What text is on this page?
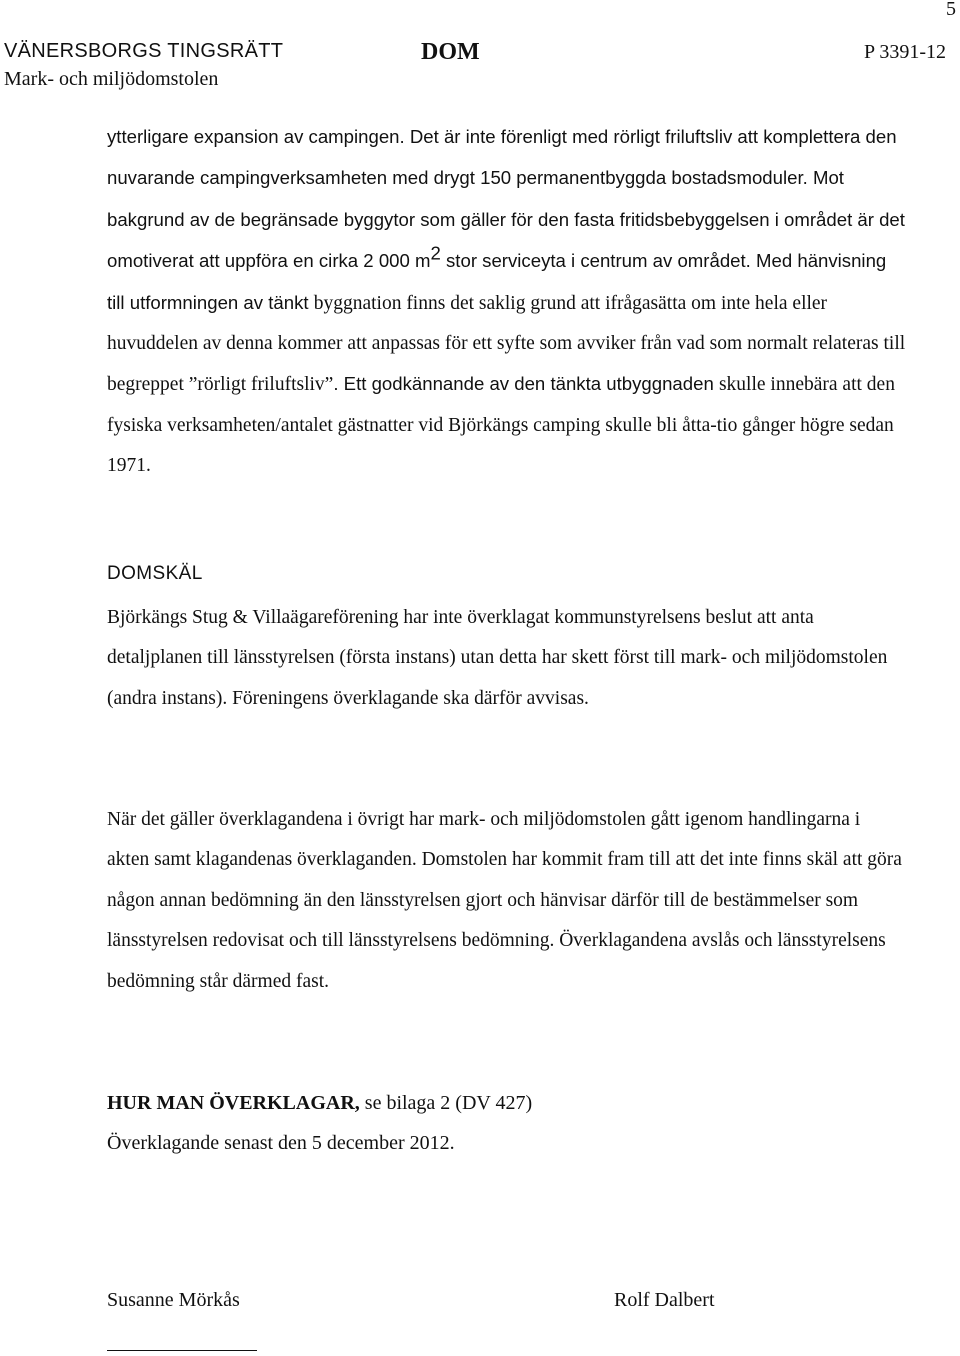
5
VÄNERSBORGS TINGSRÄTT
Mark- och miljödomstolen
DOM	P 3391-12
ytterligare expansion av campingen. Det är inte förenligt med rörligt friluftsliv att komplettera den nuvarande campingverksamheten med drygt 150 permanentbyggda bostadsmoduler. Mot bakgrund av de begränsade byggytor som gäller för den fasta fritidsbebyggelsen i området är det omotiverat att uppföra en cirka 2 000 $m^2$ stor serviceyta i centrum av området. Med hänvisning till utformningen av tänkt byggnation finns det saklig grund att ifrågasätta om inte hela eller huvuddelen av denna kommer att anpassas för ett syfte som avviker från vad som normalt relateras till begreppet ”rörligt friluftsliv”. Ett godkännande av den tänkta utbyggnaden skulle innebära att den fysiska verksamheten/antalet gästnatter vid Björkängs camping skulle bli åtta-tio gånger högre sedan 1971.
DOMSKÄL
Björkängs Stug & Villaägareförening har inte överklagat kommunstyrelsens beslut att anta detaljplanen till länsstyrelsen (första instans) utan detta har skett först till mark- och miljödomstolen (andra instans). Föreningens överklagande ska därför avvisas.
När det gäller överklagandena i övrigt har mark- och miljödomstolen gått igenom handlingarna i akten samt klagandenas överklaganden. Domstolen har kommit fram till att det inte finns skäl att göra någon annan bedömning än den länsstyrelsen gjort och hänvisar därför till de bestämmelser som länsstyrelsen redovisat och till länsstyrelsens bedömning. Överklagandena avslås och länsstyrelsens bedömning står därmed fast.
HUR MAN ÖVERKLAGAR, se bilaga 2 (DV 427)
Överklagande senast den 5 december 2012.
Susanne Mörkås	Rolf Dalbert
